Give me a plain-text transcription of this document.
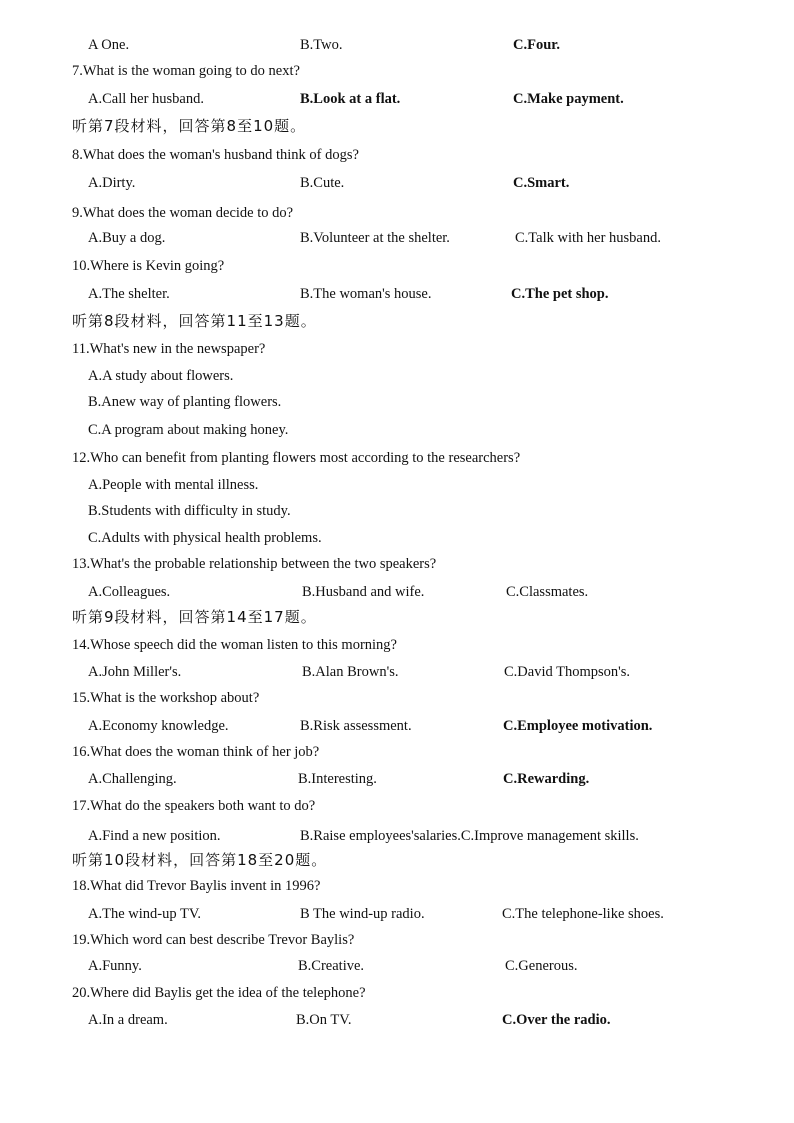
A One.	B.Two.	C.Four.
7.What is the woman going to do next?
A.Call her husband.	B.Look at a flat.	C.Make payment.
听第7段材料，回答第8至10题。
8.What does the woman's husband think of dogs?
A.Dirty.	B.Cute.	C.Smart.
9.What does the woman decide to do?
A.Buy a dog.	B.Volunteer at the shelter.	C.Talk with her husband.
10.Where is Kevin going?
A.The shelter.	B.The woman's house.	C.The pet shop.
听第8段材料，回答第11至13题。
11.What's new in the newspaper?
A.A study about flowers.
B.Anew way of planting flowers.
C.A program about making honey.
12.Who can benefit from planting flowers most according to the researchers?
A.People with mental illness.
B.Students with difficulty in study.
C.Adults with physical health problems.
13.What's the probable relationship between the two speakers?
A.Colleagues.	B.Husband and wife.	C.Classmates.
听第9段材料，回答第14至17题。
14.Whose speech did the woman listen to this morning?
A.John Miller's.	B.Alan Brown's.	C.David Thompson's.
15.What is the workshop about?
A.Economy knowledge.	B.Risk assessment.	C.Employee motivation.
16.What does the woman think of her job?
A.Challenging.	B.Interesting.	C.Rewarding.
17.What do the speakers both want to do?
A.Find a new position.	B.Raise employees'salaries.C.Improve management skills.
听第10段材料，回答第18至20题。
18.What did Trevor Baylis invent in 1996?
A.The wind-up TV.	B The wind-up radio.	C.The telephone-like shoes.
19.Which word can best describe Trevor Baylis?
A.Funny.	B.Creative.	C.Generous.
20.Where did Baylis get the idea of the telephone?
A.In a dream.	B.On TV.	C.Over the radio.
